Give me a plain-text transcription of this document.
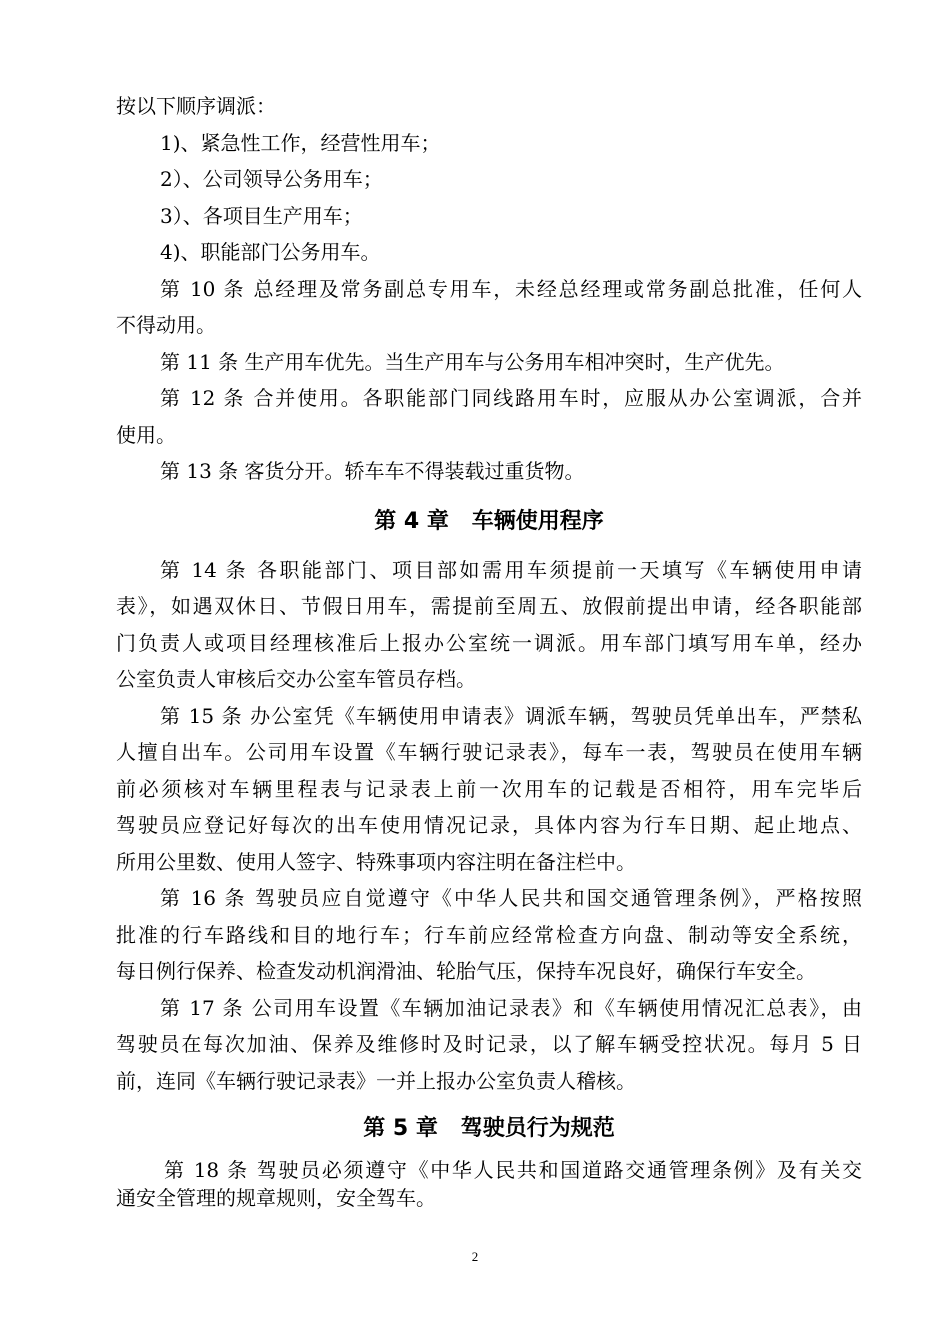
按以下顺序调派：
1)、紧急性工作，经营性用车；
2）、公司领导公务用车；
3）、各项目生产用车；
4)、职能部门公务用车。
第 10 条 总经理及常务副总专用车，未经总经理或常务副总批准，任何人
不得动用。
第 11 条 生产用车优先。当生产用车与公务用车相冲突时，生产优先。
第 12 条 合并使用。各职能部门同线路用车时，应服从办公室调派，合并
使用。
第 13 条 客货分开。轿车车不得装载过重货物。
第 4 章   车辆使用程序
第 14 条 各职能部门、项目部如需用车须提前一天填写《车辆使用申请
表》，如遇双休日、节假日用车，需提前至周五、放假前提出申请，经各职能部
门负责人或项目经理核准后上报办公室统一调派。用车部门填写用车单，经办
公室负责人审核后交办公室车管员存档。
第 15 条 办公室凭《车辆使用申请表》调派车辆，驾驶员凭单出车，严禁私
人擅自出车。公司用车设置《车辆行驶记录表》，每车一表，驾驶员在使用车辆
前必须核对车辆里程表与记录表上前一次用车的记载是否相符，用车完毕后
驾驶员应登记好每次的出车使用情况记录，具体内容为行车日期、起止地点、
所用公里数、使用人签字、特殊事项内容注明在备注栏中。
第 16 条 驾驶员应自觉遵守《中华人民共和国交通管理条例》，严格按照
批准的行车路线和目的地行车；行车前应经常检查方向盘、制动等安全系统，
每日例行保养、检查发动机润滑油、轮胎气压，保持车况良好，确保行车安全。
第 17 条 公司用车设置《车辆加油记录表》和《车辆使用情况汇总表》，由
驾驶员在每次加油、保养及维修时及时记录，以了解车辆受控状况。每月 5 日
前，连同《车辆行驶记录表》一并上报办公室负责人稽核。
第 5 章   驾驶员行为规范
第 18 条 驾驶员必须遵守《中华人民共和国道路交通管理条例》及有关交
通安全管理的规章规则，安全驾车。
2
